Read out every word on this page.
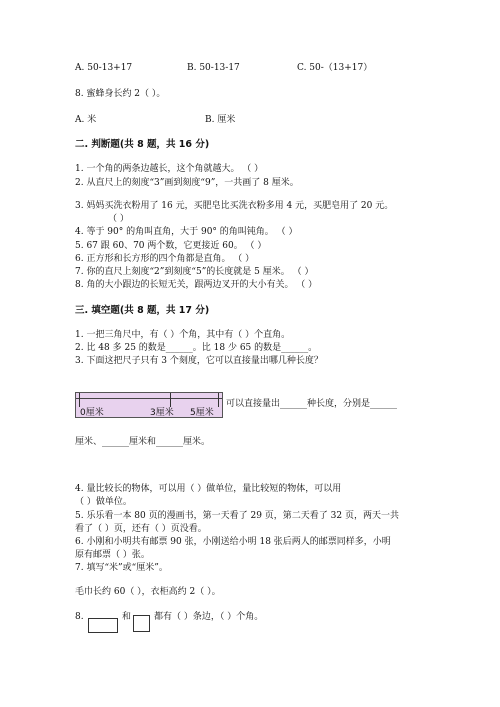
A. 50-13+17	B. 50-13-17	C. 50-（13+17）
8. 蜜蜂身长约 2（ ）。
A. 米	B. 厘米
二. 判断题(共 8 题，共 16 分)
1. 一个角的两条边越长，这个角就越大。 （ ）
2. 从直尺上的刻度“3”画到刻度“9”，一共画了 8 厘米。
3. 妈妈买洗衣粉用了 16 元，买肥皂比买洗衣粉多用 4 元，买肥皂用了 20 元。
（ ）
4. 等于 90° 的角叫直角，大于 90° 的角叫钝角。 （ ）
5. 67 跟 60、70 两个数，它更接近 60。 （ ）
6. 正方形和长方形的四个角都是直角。 （ ）
7. 你的直尺上刻度“2”到刻度“5”的长度就是 5 厘米。 （ ）
8. 角的大小跟边的长短无关，跟两边叉开的大小有关。 （ ）
三. 填空题(共 8 题，共 17 分)
1. 一把三角尺中，有（ ）个角，其中有（ ）个直角。
2. 比 48 多 25 的数是______。比 18 少 65 的数是______。
3. 下面这把尺子只有 3 个刻度，它可以直接量出哪几种长度？
0厘米	3厘米 5厘米
可以直接量出______种长度，分别是______
厘米、______厘米和______厘米。
4. 量比较长的物体，可以用（ ）做单位，量比较短的物体，可以用
（ ）做单位。
5. 乐乐看一本 80 页的漫画书，第一天看了 29 页，第二天看了 32 页，两天一共
看了（ ）页，还有（ ）页没看。
6. 小刚和小明共有邮票 90 张，小刚送给小明 18 张后两人的邮票同样多，小明
原有邮票（ ）张。
7. 填写“米”或“厘米”。
毛巾长约 60（ ），衣柜高约 2（ ）。
8.	和	都有（ ）条边，（ ）个角。
